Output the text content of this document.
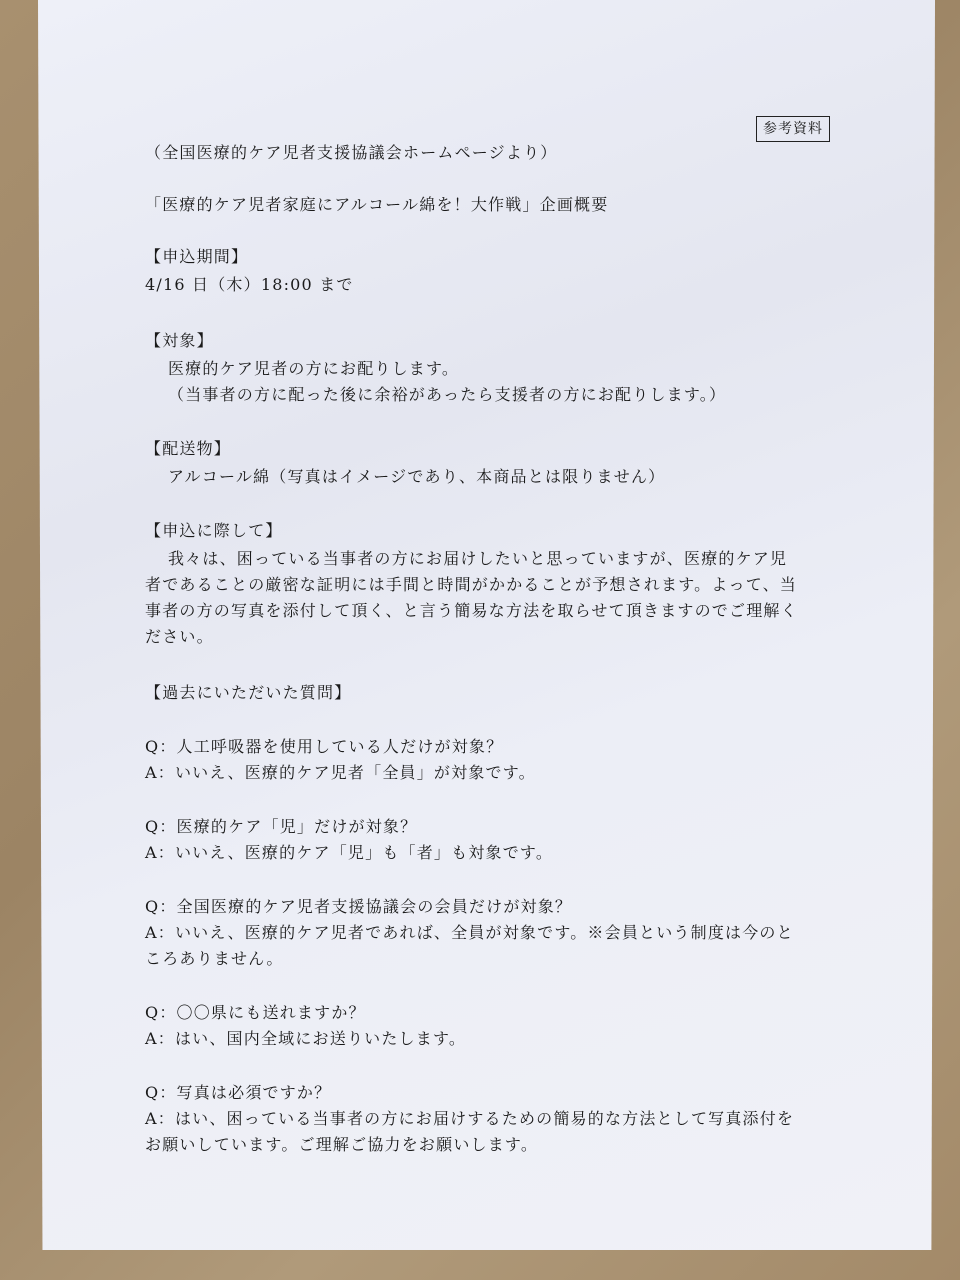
参考資料
（全国医療的ケア児者支援協議会ホームページより）
「医療的ケア児者家庭にアルコール綿を！大作戦」企画概要
【申込期間】
4/16 日（木）18:00 まで
【対象】
医療的ケア児者の方にお配りします。
（当事者の方に配った後に余裕があったら支援者の方にお配りします。）
【配送物】
アルコール綿（写真はイメージであり、本商品とは限りません）
【申込に際して】
我々は、困っている当事者の方にお届けしたいと思っていますが、医療的ケア児
者であることの厳密な証明には手間と時間がかかることが予想されます。よって、当
事者の方の写真を添付して頂く、と言う簡易な方法を取らせて頂きますのでご理解く
ださい。
【過去にいただいた質問】
Q：人工呼吸器を使用している人だけが対象？
A：いいえ、医療的ケア児者「全員」が対象です。
Q：医療的ケア「児」だけが対象？
A：いいえ、医療的ケア「児」も「者」も対象です。
Q：全国医療的ケア児者支援協議会の会員だけが対象？
A：いいえ、医療的ケア児者であれば、全員が対象です。※会員という制度は今のと
ころありません。
Q：〇〇県にも送れますか？
A：はい、国内全域にお送りいたします。
Q：写真は必須ですか？
A：はい、困っている当事者の方にお届けするための簡易的な方法として写真添付を
お願いしています。ご理解ご協力をお願いします。
